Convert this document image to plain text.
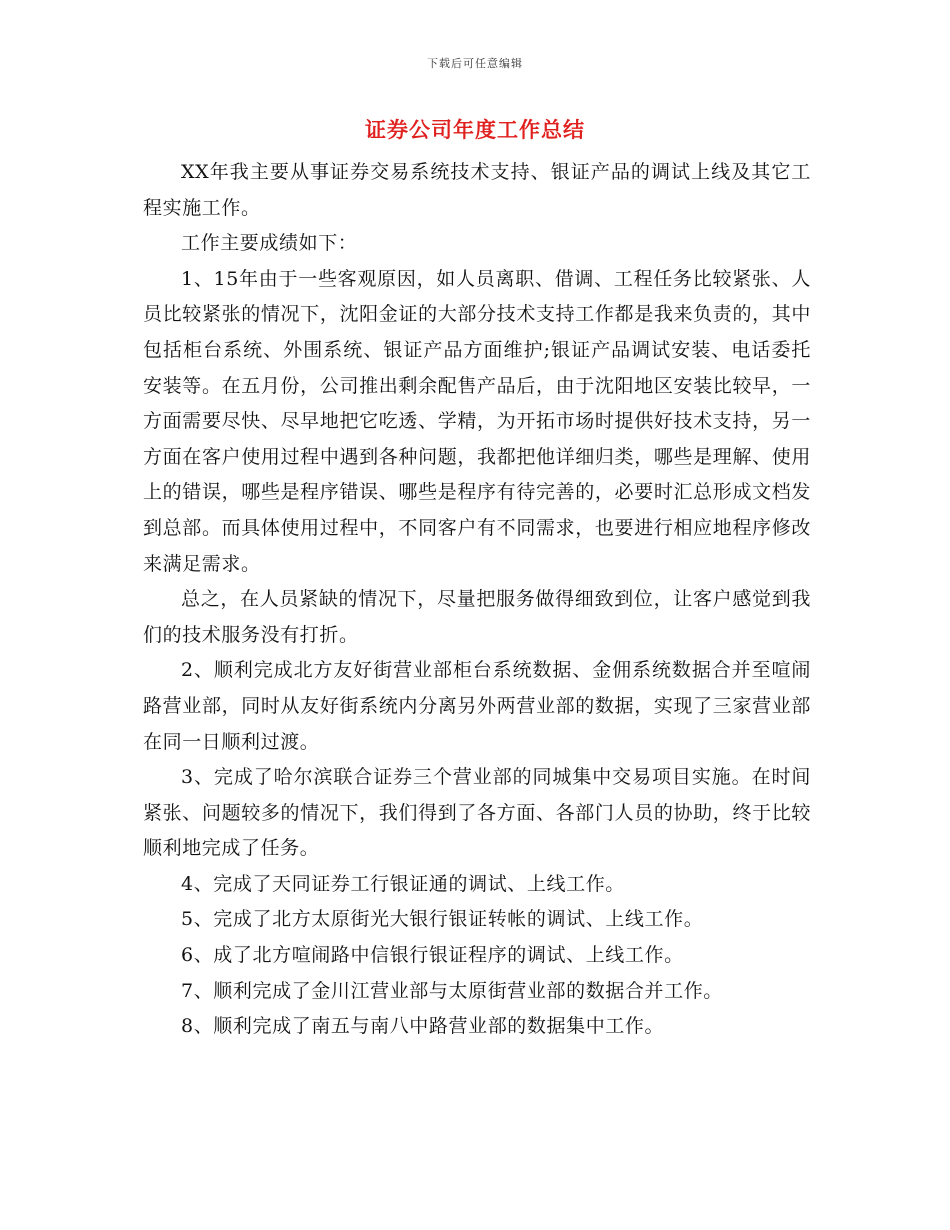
下载后可任意编辑
证券公司年度工作总结

XX年我主要从事证券交易系统技术支持、银证产品的调试上线及其它工程实施工作。

工作主要成绩如下：

1、15年由于一些客观原因，如人员离职、借调、工程任务比较紧张、人员比较紧张的情况下，沈阳金证的大部分技术支持工作都是我来负责的，其中包括柜台系统、外围系统、银证产品方面维护;银证产品调试安装、电话委托安装等。在五月份，公司推出剩余配售产品后，由于沈阳地区安装比较早，一方面需要尽快、尽早地把它吃透、学精，为开拓市场时提供好技术支持，另一方面在客户使用过程中遇到各种问题，我都把他详细归类，哪些是理解、使用上的错误，哪些是程序错误、哪些是程序有待完善的，必要时汇总形成文档发到总部。而具体使用过程中，不同客户有不同需求，也要进行相应地程序修改来满足需求。

总之，在人员紧缺的情况下，尽量把服务做得细致到位，让客户感觉到我们的技术服务没有打折。

2、顺利完成北方友好街营业部柜台系统数据、金佣系统数据合并至喧闹路营业部，同时从友好街系统内分离另外两营业部的数据，实现了三家营业部在同一日顺利过渡。

3、完成了哈尔滨联合证券三个营业部的同城集中交易项目实施。在时间紧张、问题较多的情况下，我们得到了各方面、各部门人员的协助，终于比较顺利地完成了任务。

4、完成了天同证券工行银证通的调试、上线工作。

5、完成了北方太原街光大银行银证转帐的调试、上线工作。

6、成了北方喧闹路中信银行银证程序的调试、上线工作。

7、顺利完成了金川江营业部与太原街营业部的数据合并工作。

8、顺利完成了南五与南八中路营业部的数据集中工作。
